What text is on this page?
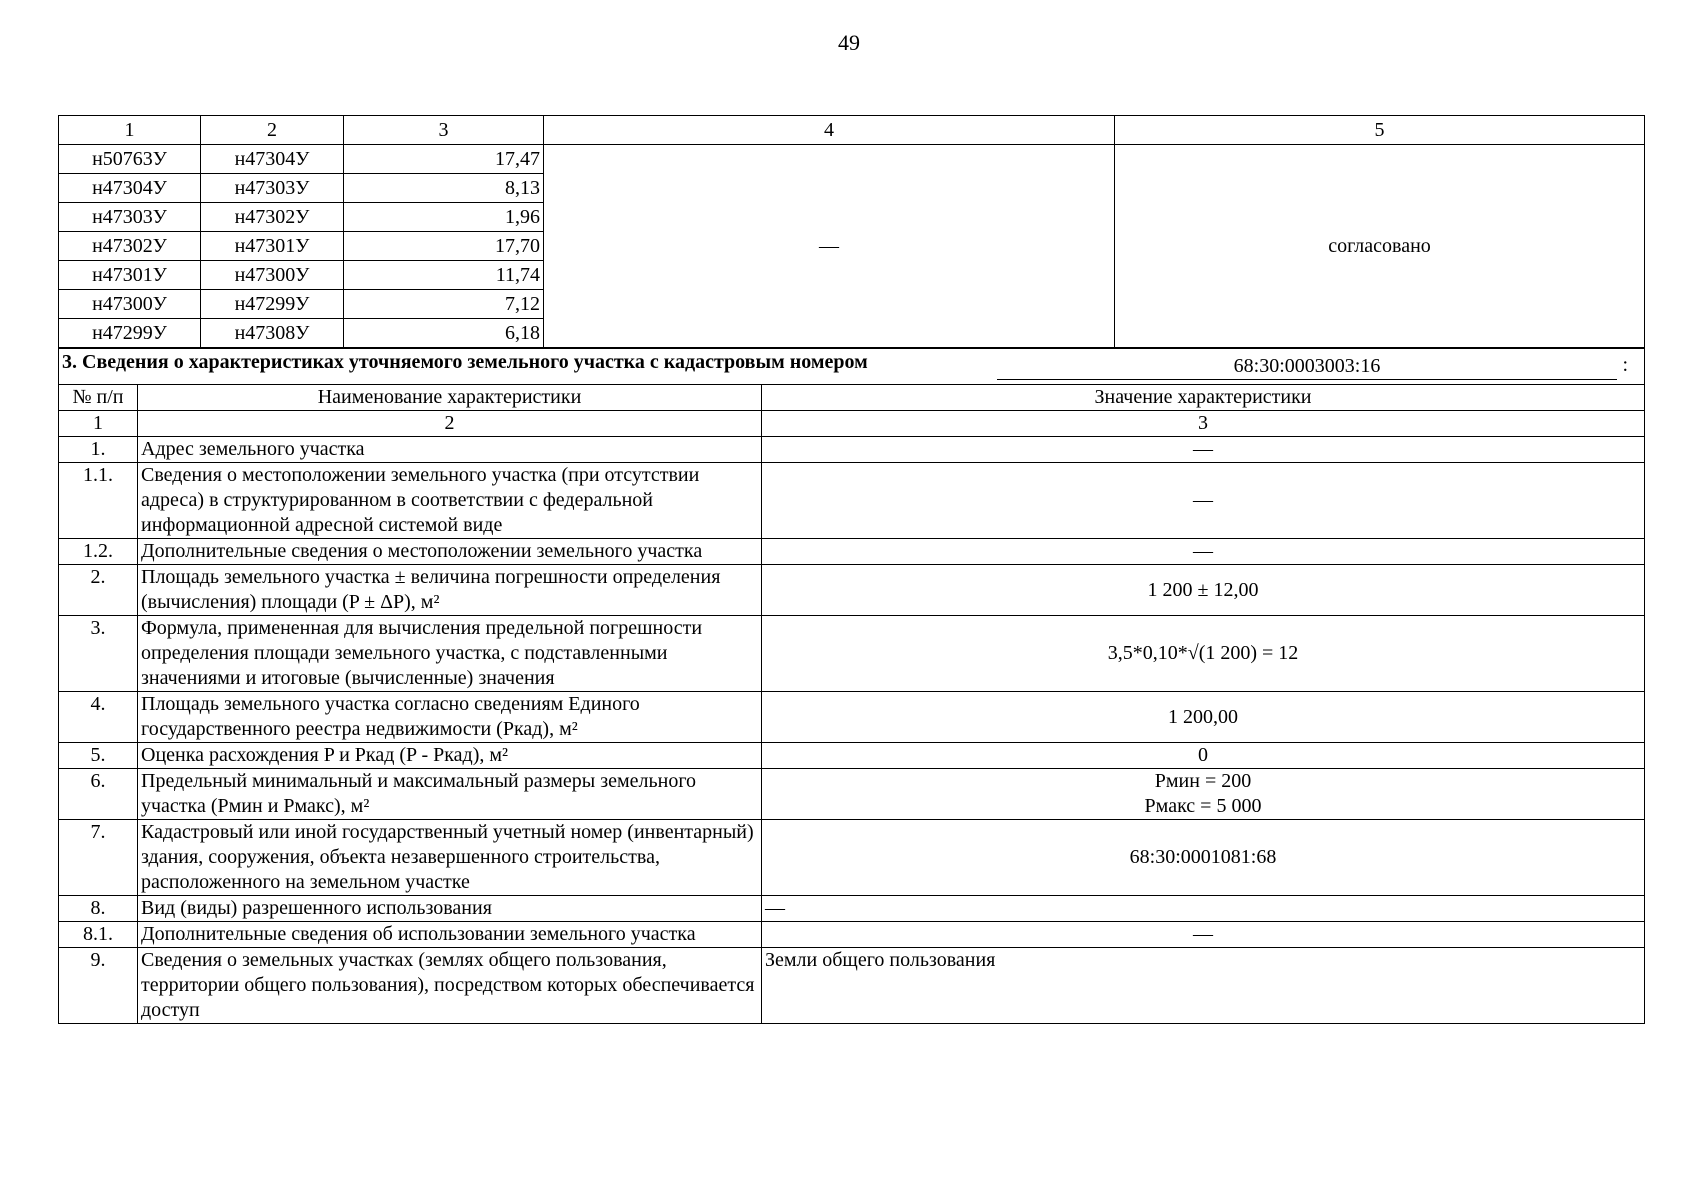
49
1	2	3	4	5
н50763У	н47304У	17,47	—	согласовано
н47304У	н47303У	8,13		
н47303У	н47302У	1,96		
н47302У	н47301У	17,70		
н47301У	н47300У	11,74		
н47300У	н47299У	7,12		
н47299У	н47308У	6,18		
3. Сведения о характеристиках уточняемого земельного участка с кадастровым номером 68:30:0003003:16 :		

№ п/п	Наименование характеристики	Значение характеристики
1	2	3
1.	Адрес земельного участка	—
1.1.	Сведения о местоположении земельного участка (при отсутствии адреса) в структурированном в соответствии с федеральной информационной адресной системой виде	—
1.2.	Дополнительные сведения о местоположении земельного участка	—
2.	Площадь земельного участка ± величина погрешности определения (вычисления) площади (P ± ΔP), м²	1 200 ± 12,00
3.	Формула, примененная для вычисления предельной погрешности определения площади земельного участка, с подставленными значениями и итоговые (вычисленные) значения	3,5*0,10*√(1 200) = 12
4.	Площадь земельного участка согласно сведениям Единого государственного реестра недвижимости (Ркад), м²	1 200,00
5.	Оценка расхождения P и Ркад (P - Ркад), м²	0
6.	Предельный минимальный и максимальный размеры земельного участка (Рмин и Рмакс), м²	Рмин = 200
Рмакс = 5 000

7.	Кадастровый или иной государственный учетный номер (инвентарный) здания, сооружения, объекта незавершенного строительства, расположенного на земельном участке	68:30:0001081:68
8.	Вид (виды) разрешенного использования	—
8.1.	Дополнительные сведения об использовании земельного участка	—
9.	Сведения о земельных участках (землях общего пользования, территории общего пользования), посредством которых обеспечивается доступ	Земли общего пользования
